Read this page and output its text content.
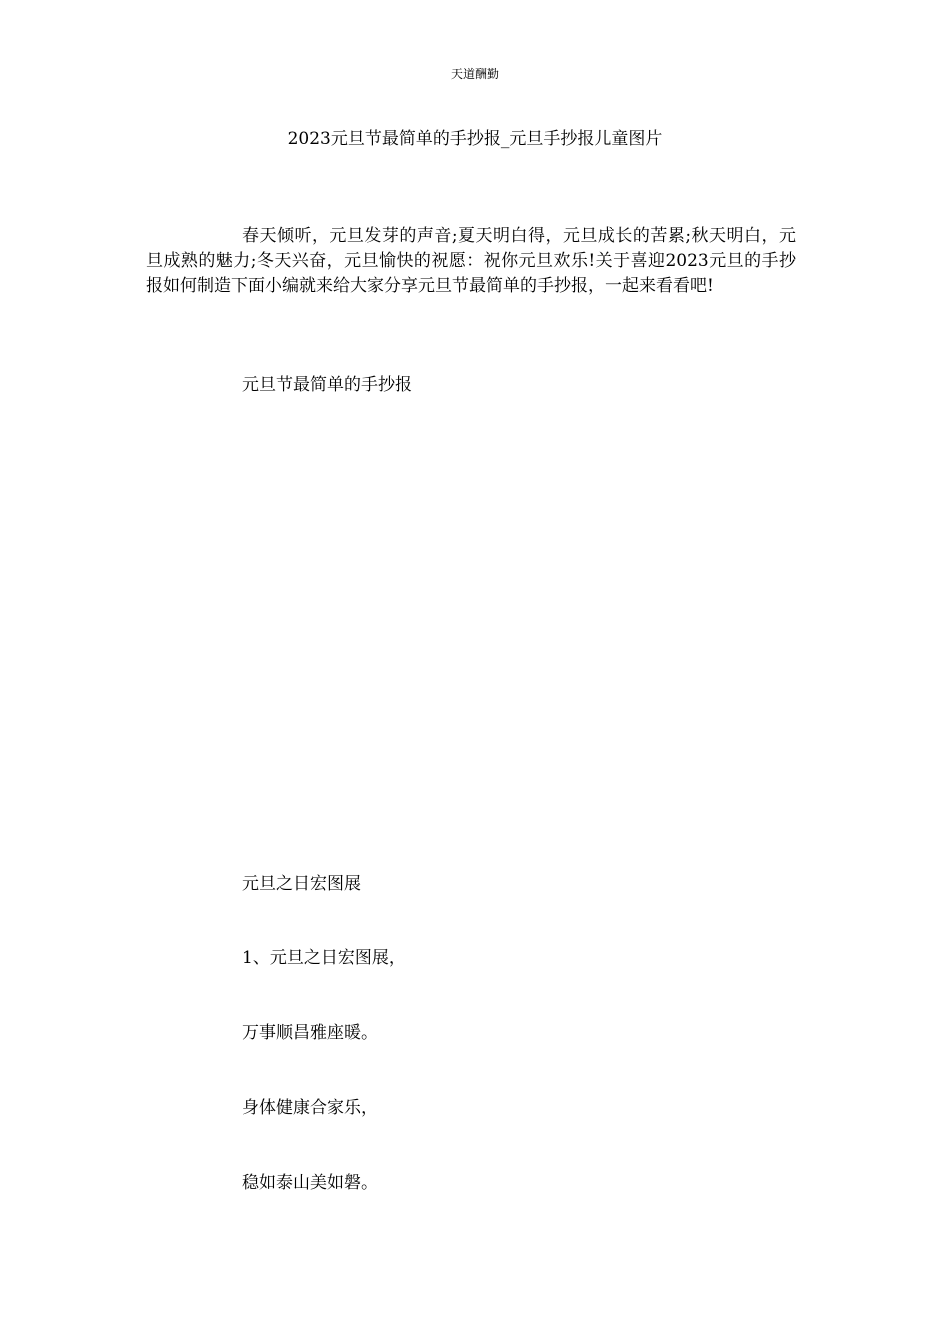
天道酬勤
2023元旦节最简单的手抄报_元旦手抄报儿童图片
春天倾听，元旦发芽的声音;夏天明白得，元旦成长的苦累;秋天明白，元旦成熟的魅力;冬天兴奋，元旦愉快的祝愿：祝你元旦欢乐!关于喜迎2023元旦的手抄报如何制造下面小编就来给大家分享元旦节最简单的手抄报，一起来看看吧!
元旦节最简单的手抄报
元旦之日宏图展
1、元旦之日宏图展，
万事顺昌雅座暖。
身体健康合家乐，
稳如泰山美如磐。
